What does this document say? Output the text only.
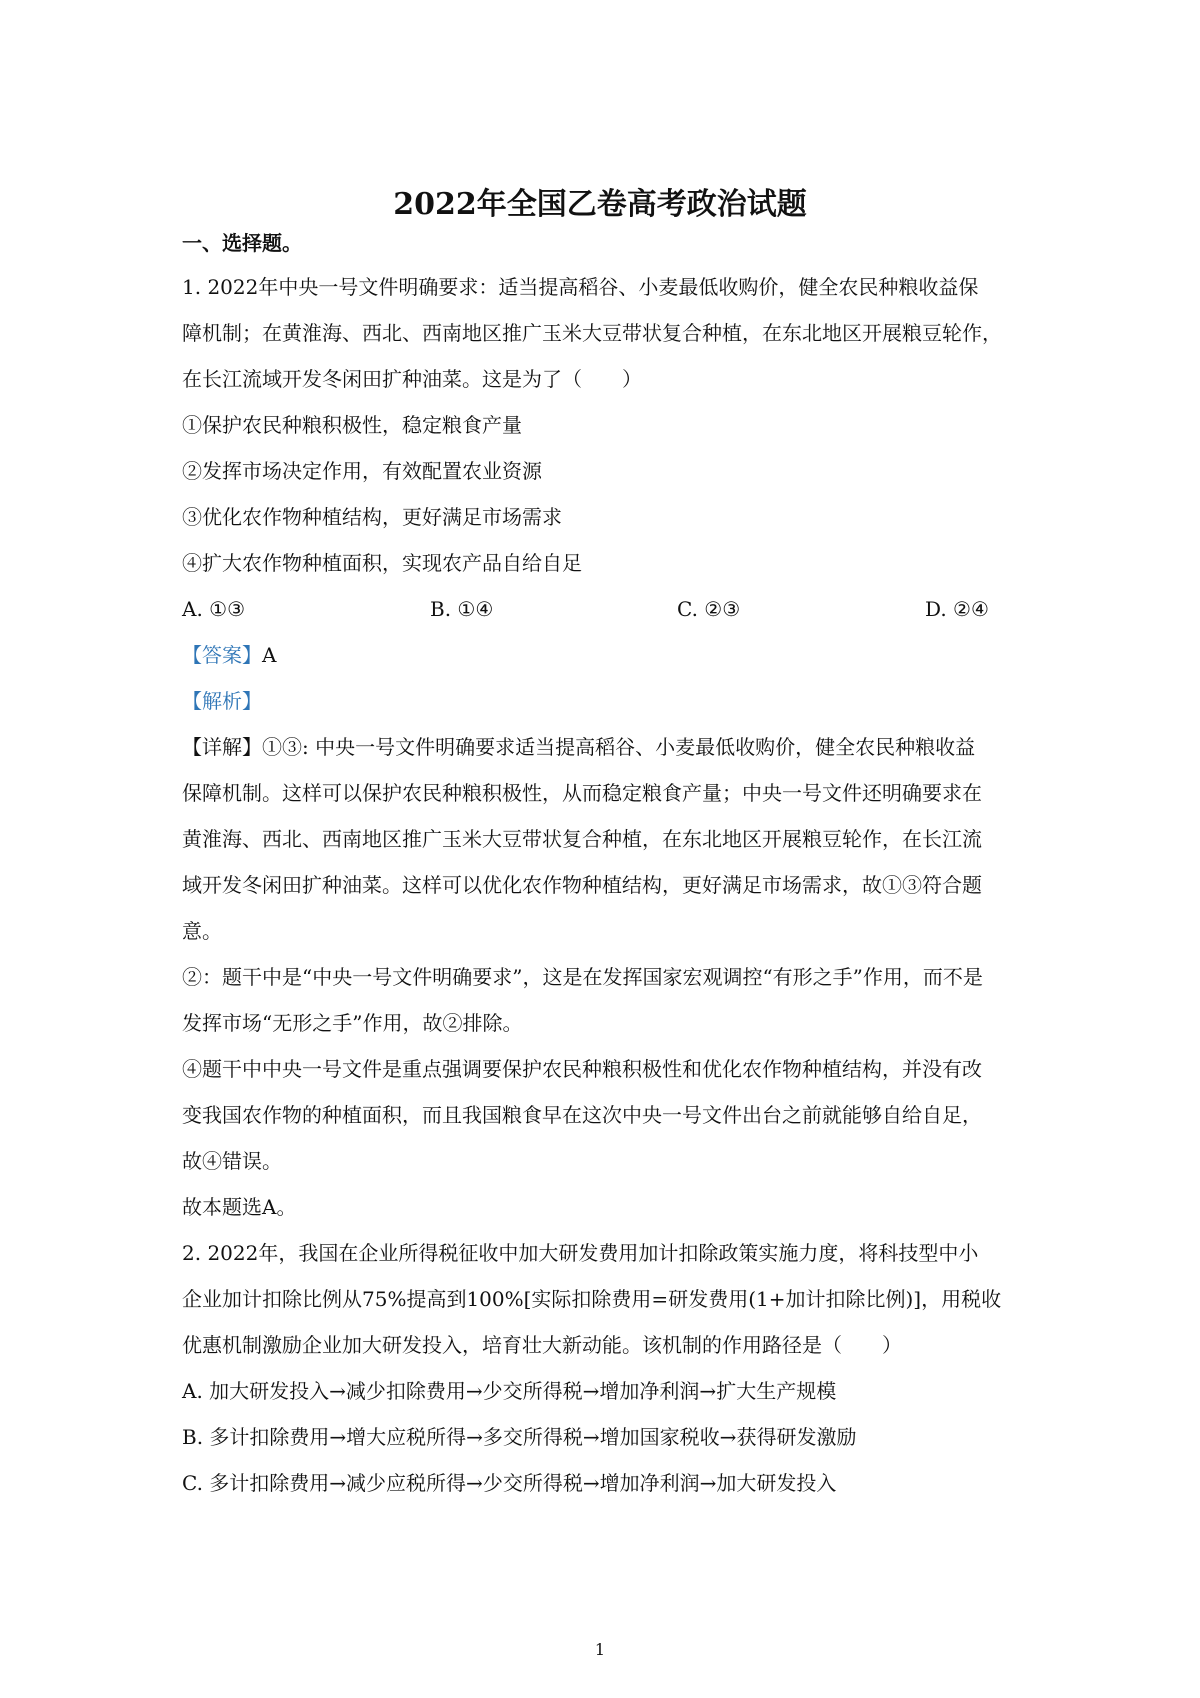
2022年全国乙卷高考政治试题
一、选择题。
1. 2022年中央一号文件明确要求：适当提高稻谷、小麦最低收购价，健全农民种粮收益保
障机制；在黄淮海、西北、西南地区推广玉米大豆带状复合种植，在东北地区开展粮豆轮作，
在长江流域开发冬闲田扩种油菜。这是为了（　　）
①保护农民种粮积极性，稳定粮食产量
②发挥市场决定作用，有效配置农业资源
③优化农作物种植结构，更好满足市场需求
④扩大农作物种植面积，实现农产品自给自足
A. ①③	B. ①④	C. ②③	D. ②④
【答案】A
【解析】
【详解】①③: 中央一号文件明确要求适当提高稻谷、小麦最低收购价，健全农民种粮收益
保障机制。这样可以保护农民种粮积极性，从而稳定粮食产量；中央一号文件还明确要求在
黄淮海、西北、西南地区推广玉米大豆带状复合种植，在东北地区开展粮豆轮作，在长江流
域开发冬闲田扩种油菜。这样可以优化农作物种植结构，更好满足市场需求，故①③符合题
意。
②：题干中是“中央一号文件明确要求”，这是在发挥国家宏观调控“有形之手”作用，而不是
发挥市场“无形之手”作用，故②排除。
④题干中中央一号文件是重点强调要保护农民种粮积极性和优化农作物种植结构，并没有改
变我国农作物的种植面积，而且我国粮食早在这次中央一号文件出台之前就能够自给自足，
故④错误。
故本题选A。
2. 2022年，我国在企业所得税征收中加大研发费用加计扣除政策实施力度，将科技型中小
企业加计扣除比例从75%提高到100%[实际扣除费用=研发费用(1+加计扣除比例)]，用税收
优惠机制激励企业加大研发投入，培育壮大新动能。该机制的作用路径是（　　）
A. 加大研发投入→减少扣除费用→少交所得税→增加净利润→扩大生产规模
B. 多计扣除费用→增大应税所得→多交所得税→增加国家税收→获得研发激励
C. 多计扣除费用→减少应税所得→少交所得税→增加净利润→加大研发投入
1
